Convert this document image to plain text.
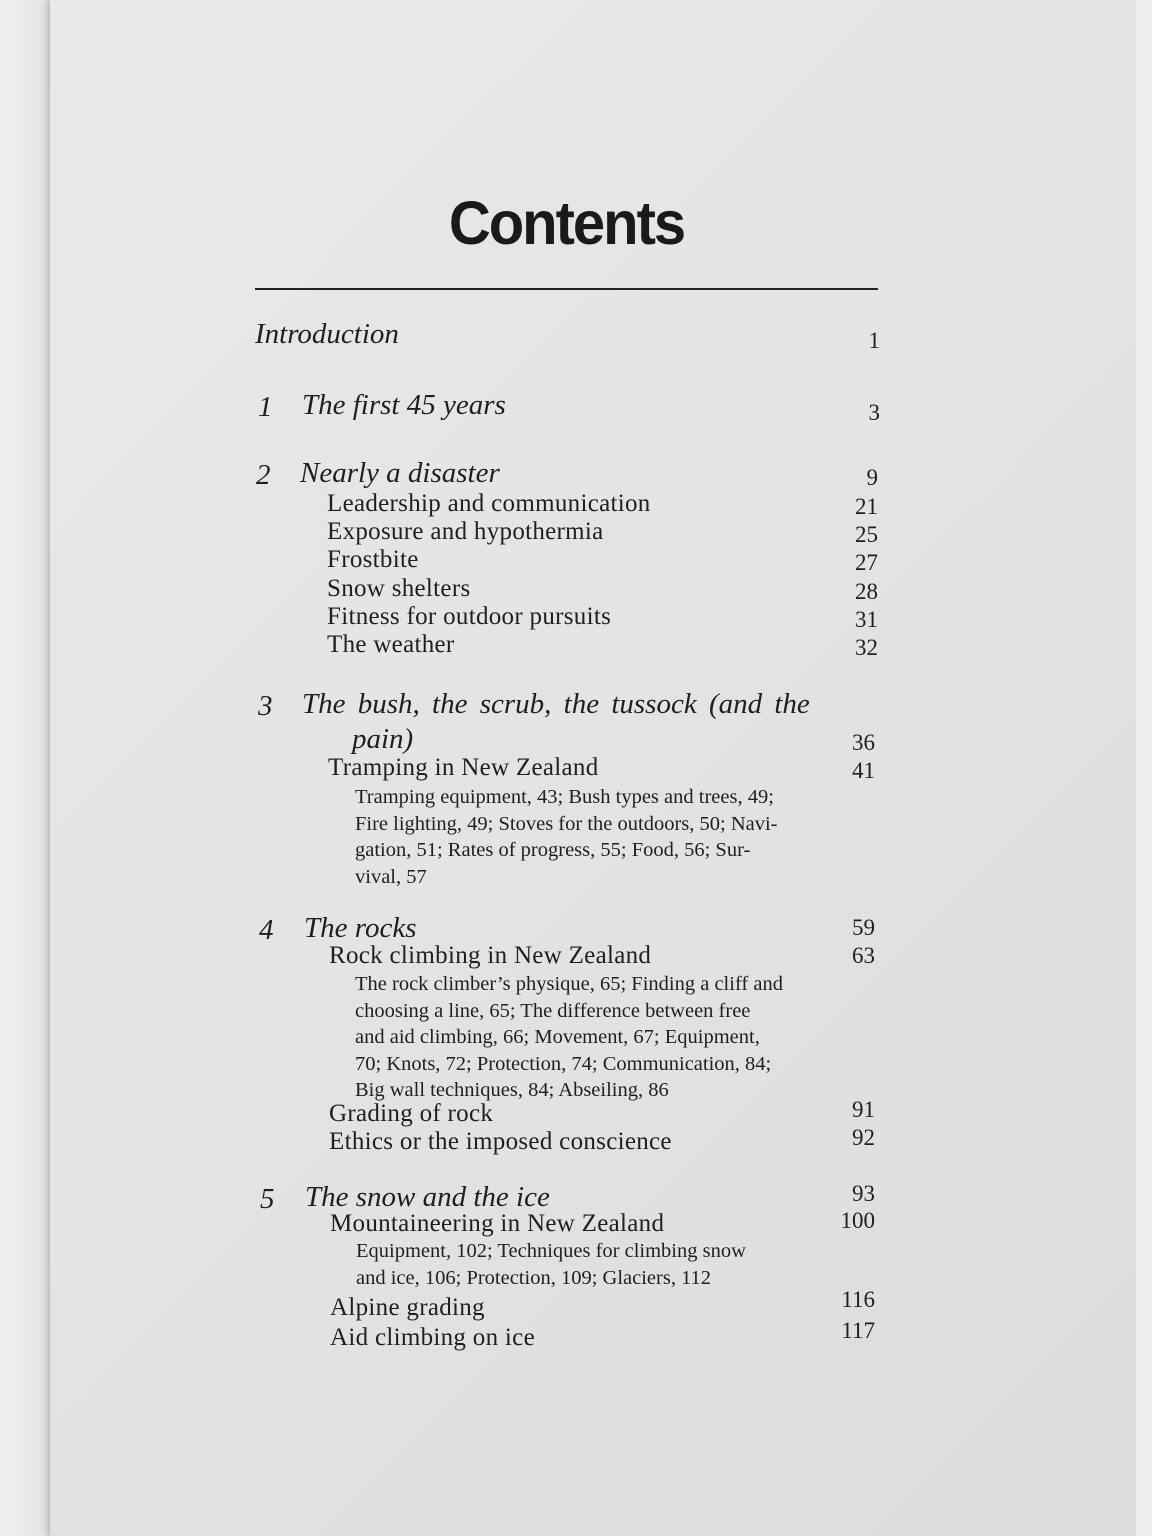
Contents
Introduction	1
1 The first 45 years	3
2 Nearly a disaster	9
Leadership and communication	21
Exposure and hypothermia	25
Frostbite	27
Snow shelters	28
Fitness for outdoor pursuits	31
The weather	32
3 The bush, the scrub, the tussock (and the
pain)	36
Tramping in New Zealand	41
Tramping equipment, 43; Bush types and trees, 49;
Fire lighting, 49; Stoves for the outdoors, 50; Navi-
gation, 51; Rates of progress, 55; Food, 56; Sur-
vival, 57
4 The rocks	59
Rock climbing in New Zealand	63
The rock climber’s physique, 65; Finding a cliff and
choosing a line, 65; The difference between free
and aid climbing, 66; Movement, 67; Equipment,
70; Knots, 72; Protection, 74; Communication, 84;
Big wall techniques, 84; Abseiling, 86
Grading of rock	91
Ethics or the imposed conscience	92
5 The snow and the ice	93
Mountaineering in New Zealand	100
Equipment, 102; Techniques for climbing snow
and ice, 106; Protection, 109; Glaciers, 112
Alpine grading	116
Aid climbing on ice	117
